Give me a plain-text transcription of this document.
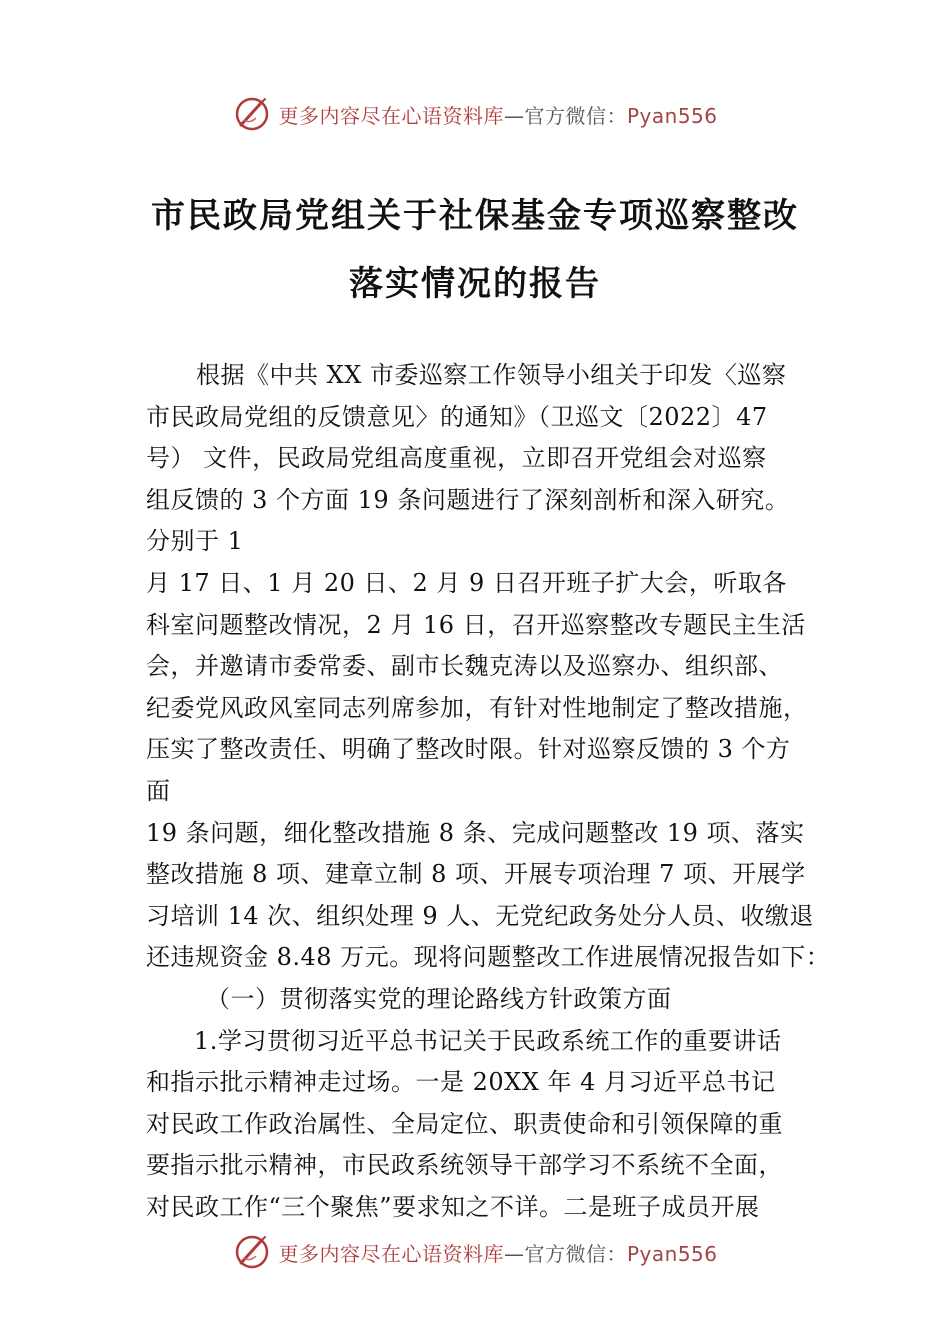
更多内容尽在心语资料库—官方微信：Pyan556
市民政局党组关于社保基金专项巡察整改
落实情况的报告
根据《中共 XX 市委巡察工作领导小组关于印发〈巡察
市民政局党组的反馈意见〉的通知》（卫巡文〔2022〕47
号） 文件，民政局党组高度重视，立即召开党组会对巡察
组反馈的 3 个方面 19 条问题进行了深刻剖析和深入研究。
分别于 1
月 17 日、1 月 20 日、2 月 9 日召开班子扩大会，听取各
科室问题整改情况，2 月 16 日，召开巡察整改专题民主生活
会，并邀请市委常委、副市长魏克涛以及巡察办、组织部、
纪委党风政风室同志列席参加，有针对性地制定了整改措施，
压实了整改责任、明确了整改时限。针对巡察反馈的 3 个方
面
19 条问题，细化整改措施 8 条、完成问题整改 19 项、落实
整改措施 8 项、建章立制 8 项、开展专项治理 7 项、开展学
习培训 14 次、组织处理 9 人、无党纪政务处分人员、收缴退
还违规资金 8.48 万元。现将问题整改工作进展情况报告如下：
（一）贯彻落实党的理论路线方针政策方面
1.学习贯彻习近平总书记关于民政系统工作的重要讲话
和指示批示精神走过场。一是 20XX 年 4 月习近平总书记
对民政工作政治属性、全局定位、职责使命和引领保障的重
要指示批示精神，市民政系统领导干部学习不系统不全面，
对民政工作“三个聚焦”要求知之不详。二是班子成员开展
更多内容尽在心语资料库—官方微信：Pyan556
